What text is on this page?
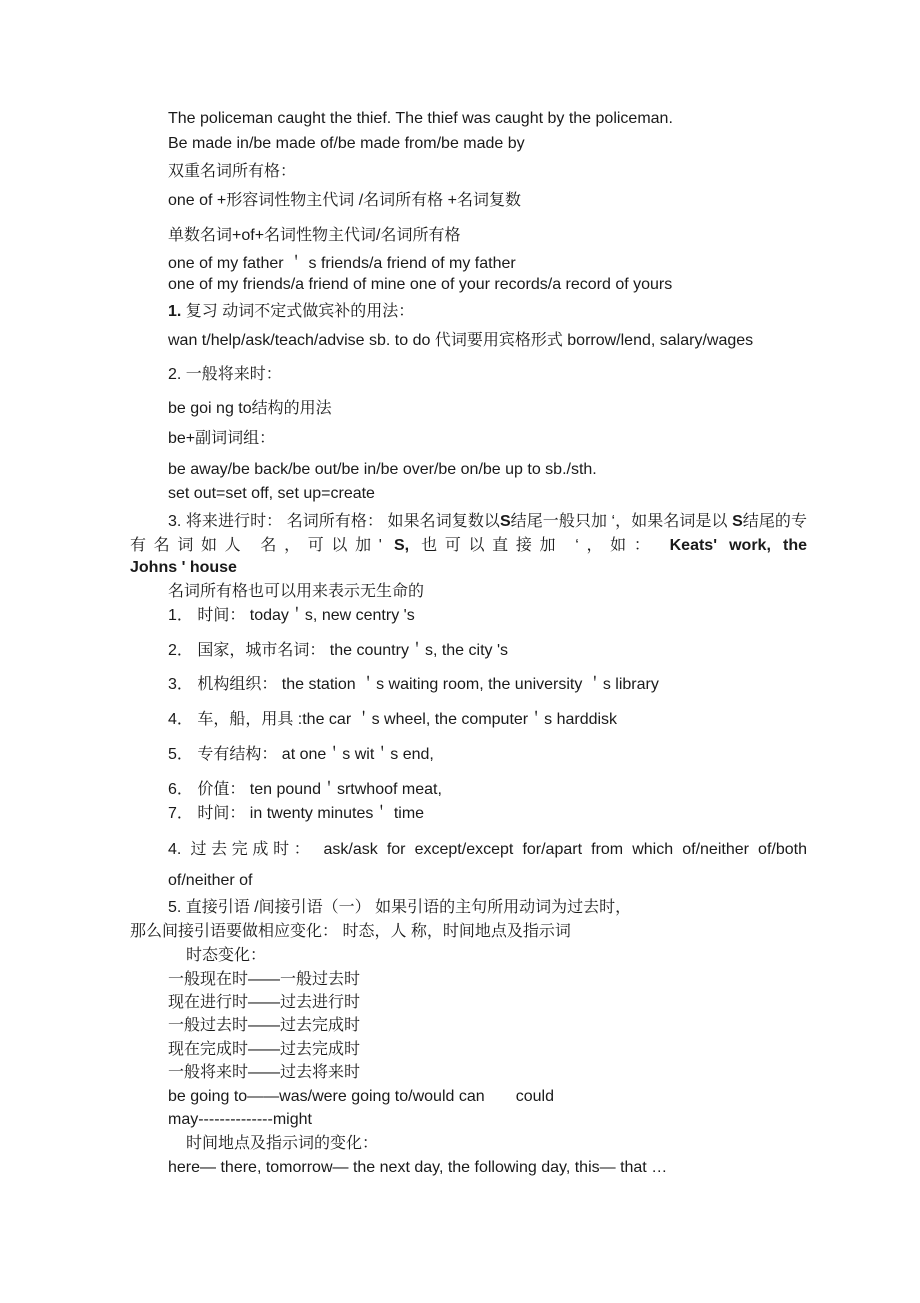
The policeman caught the thief. The thief was caught by the policeman.
Be made in/be made of/be made from/be made by
双重名词所有格：
one of +形容词性物主代词 /名词所有格 +名词复数
单数名词+of+名词性物主代词/名词所有格
one of my father ＇ s friends/a friend of my father
one of my friends/a friend of mine one of your records/a record of yours
1. 复习 动词不定式做宾补的用法：
wan t/help/ask/teach/advise sb. to do 代词要用宾格形式 borrow/lend, salary/wages
2. 一般将来时：
be goi ng to结构的用法
be+副词词组：
be away/be back/be out/be in/be over/be on/be up to sb./sth.
set out=set off, set up=create
3. 将来进行时： 名词所有格： 如果名词复数以S结尾一般只加 ‘，如果名词是以 S结尾的专有名词如人 名，可以加' S, 也可以直接加 ‘，如： Keats' work, the
Johns ' house
名词所有格也可以用来表示无生命的
1． 时间： today＇s, new centry 's
2． 国家，城市名词： the country＇s, the city 's
3． 机构组织： the station ＇s waiting room, the university ＇s library
4． 车，船，用具 :the car ＇s wheel, the computer＇s harddisk
5． 专有结构： at one＇s wit＇s end,
6． 价值： ten pound＇srtwhoof meat,
7． 时间： in twenty minutes＇ time
4. 过去完成时： ask/ask for except/except for/apart from which of/neither of/both
of/neither of
5. 直接引语 /间接引语（一） 如果引语的主句所用动词为过去时，
那么间接引语要做相应变化： 时态，人 称，时间地点及指示词
时态变化：
一般现在时——一般过去时
现在进行时——过去进行时
一般过去时——过去完成时
现在完成时——过去完成时
一般将来时——过去将来时
be going to——was/were going to/would can       could
may--------------might
时间地点及指示词的变化：
here— there, tomorrow— the next day, the following day, this— that …
